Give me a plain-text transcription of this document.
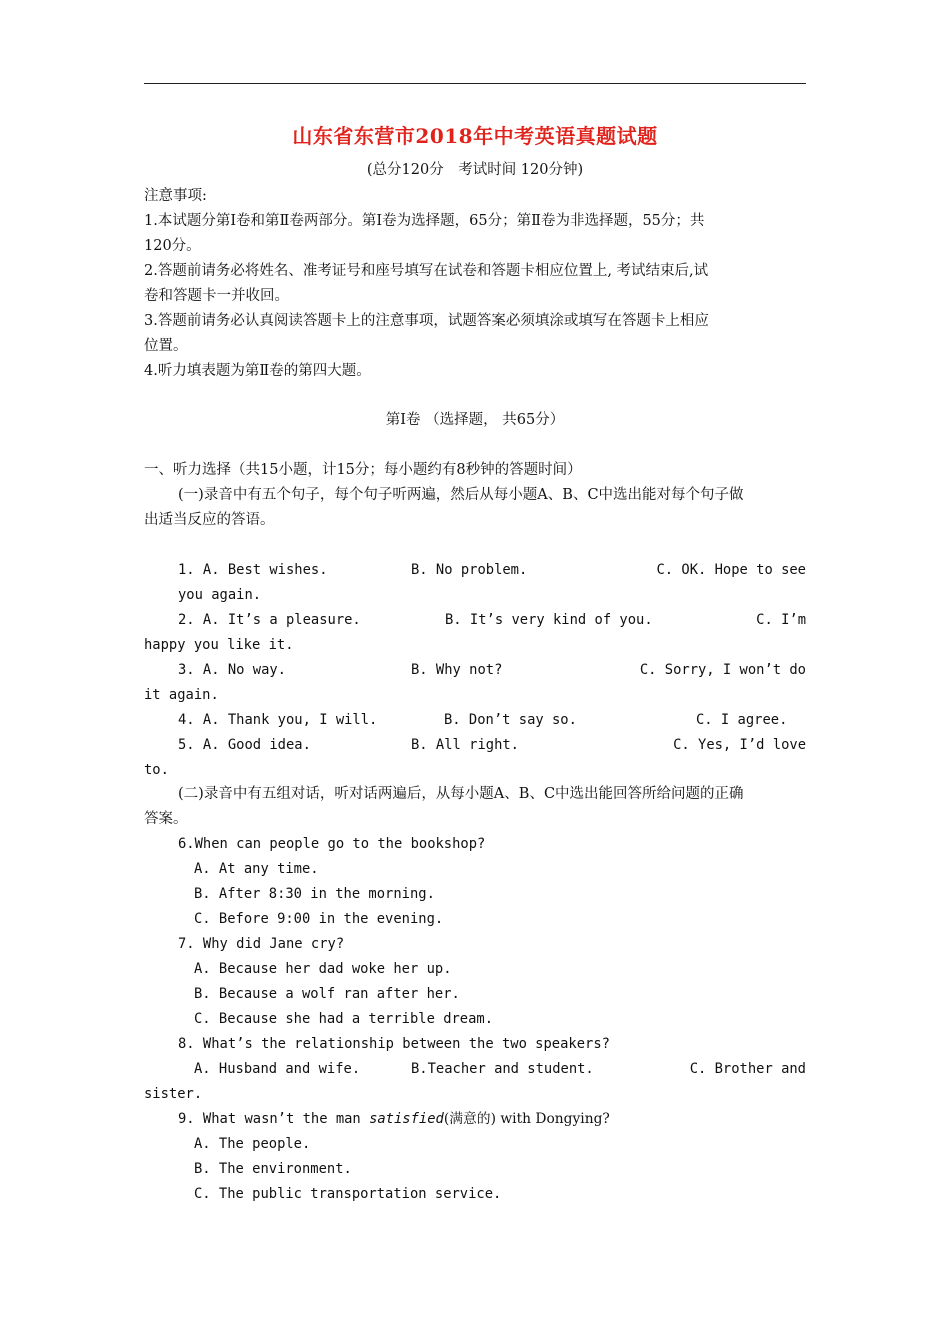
山东省东营市2018年中考英语真题试题
(总分120分　考试时间 120分钟)
注意事项:
1.本试题分第Ⅰ卷和第Ⅱ卷两部分。第Ⅰ卷为选择题，65分；第Ⅱ卷为非选择题，55分；共
120分。
2.答题前请务必将姓名、准考证号和座号填写在试卷和答题卡相应位置上, 考试结束后,试
卷和答题卡一并收回。
3.答题前请务必认真阅读答题卡上的注意事项，试题答案必须填涂或填写在答题卡上相应
位置。
4.听力填表题为第Ⅱ卷的第四大题。
第Ⅰ卷 （选择题， 共65分）
一、听力选择（共15小题，计15分；每小题约有8秒钟的答题时间）
(一)录音中有五个句子，每个句子听两遍，然后从每小题A、B、C中选出能对每个句子做
出适当反应的答语。
1. A. Best wishes.	B. No problem.	C. OK. Hope to see
you again.
2. A. It’s a pleasure.	B. It’s very kind of you.	C. I’m
happy you like it.
3. A. No way.	B. Why not?	C. Sorry, I won’t do
it again.
4. A. Thank you, I will.	B. Don’t say so.	C. I agree.
5. A. Good idea.	B. All right.	C. Yes, I’d love
to.
(二)录音中有五组对话，听对话两遍后，从每小题A、B、C中选出能回答所给问题的正确
答案。
6.When can people go to the bookshop?
A. At any time.
B. After 8:30 in the morning.
C. Before 9:00 in the evening.
7. Why did Jane cry?
A. Because her dad woke her up.
B. Because a wolf ran after her.
C. Because she had a terrible dream.
8. What’s the relationship between the two speakers?
A. Husband and wife.	B.Teacher and student.	C. Brother and
sister.
9. What wasn’t the man satisfied(满意的) with Dongying?
A. The people.
B. The environment.
C. The public transportation service.
